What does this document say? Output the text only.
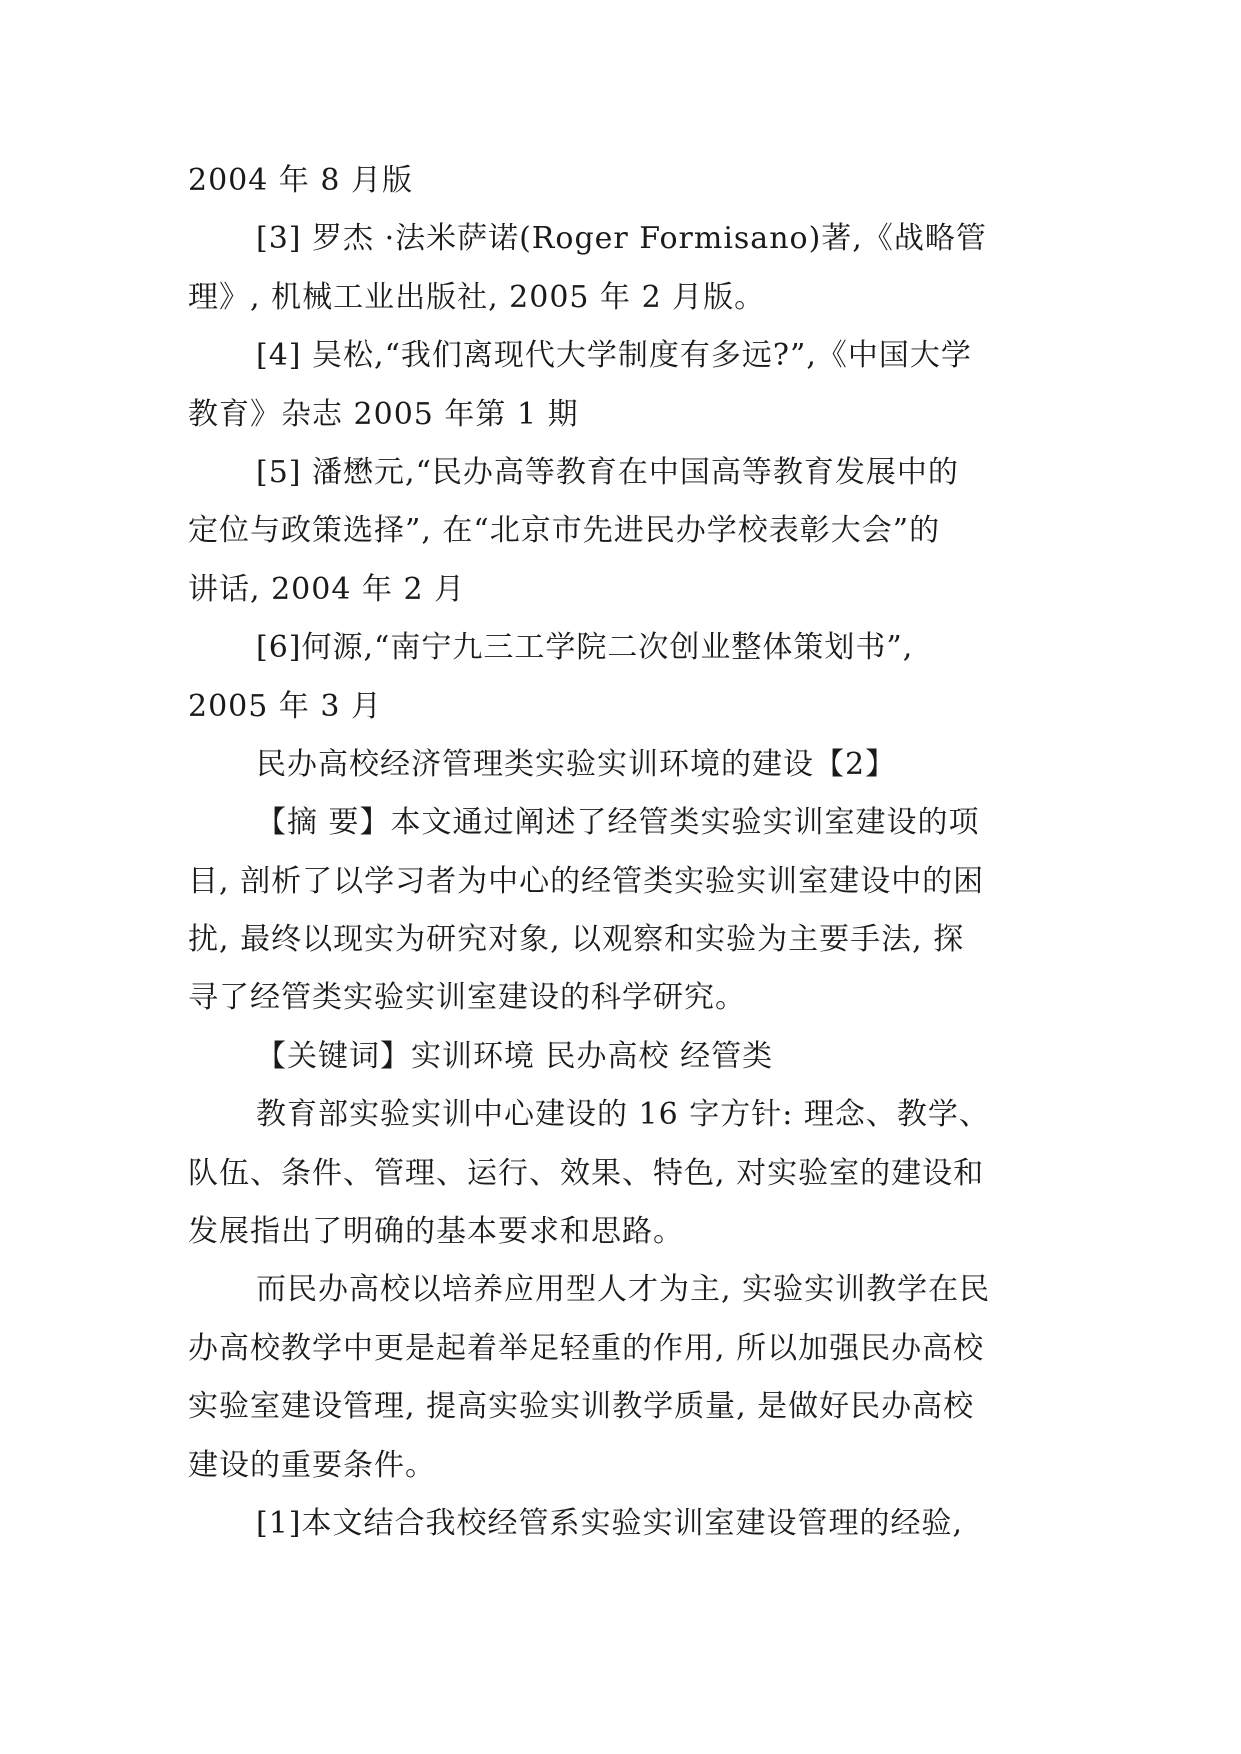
2004 年 8 月版
[3] 罗杰 ·法米萨诺(Roger Formisano)著,《战略管
理》, 机械工业出版社, 2005 年 2 月版。
[4] 吴松,“我们离现代大学制度有多远?”,《中国大学
教育》杂志 2005 年第 1 期
[5] 潘懋元,“民办高等教育在中国高等教育发展中的
定位与政策选择”, 在“北京市先进民办学校表彰大会”的
讲话, 2004 年 2 月
[6]何源,“南宁九三工学院二次创业整体策划书”,
2005 年 3 月
民办高校经济管理类实验实训环境的建设【2】
【摘 要】本文通过阐述了经管类实验实训室建设的项
目, 剖析了以学习者为中心的经管类实验实训室建设中的困
扰, 最终以现实为研究对象, 以观察和实验为主要手法, 探
寻了经管类实验实训室建设的科学研究。
【关键词】实训环境 民办高校 经管类
教育部实验实训中心建设的 16 字方针: 理念、教学、
队伍、条件、管理、运行、效果、特色, 对实验室的建设和
发展指出了明确的基本要求和思路。
而民办高校以培养应用型人才为主, 实验实训教学在民
办高校教学中更是起着举足轻重的作用, 所以加强民办高校
实验室建设管理, 提高实验实训教学质量, 是做好民办高校
建设的重要条件。
[1]本文结合我校经管系实验实训室建设管理的经验,
